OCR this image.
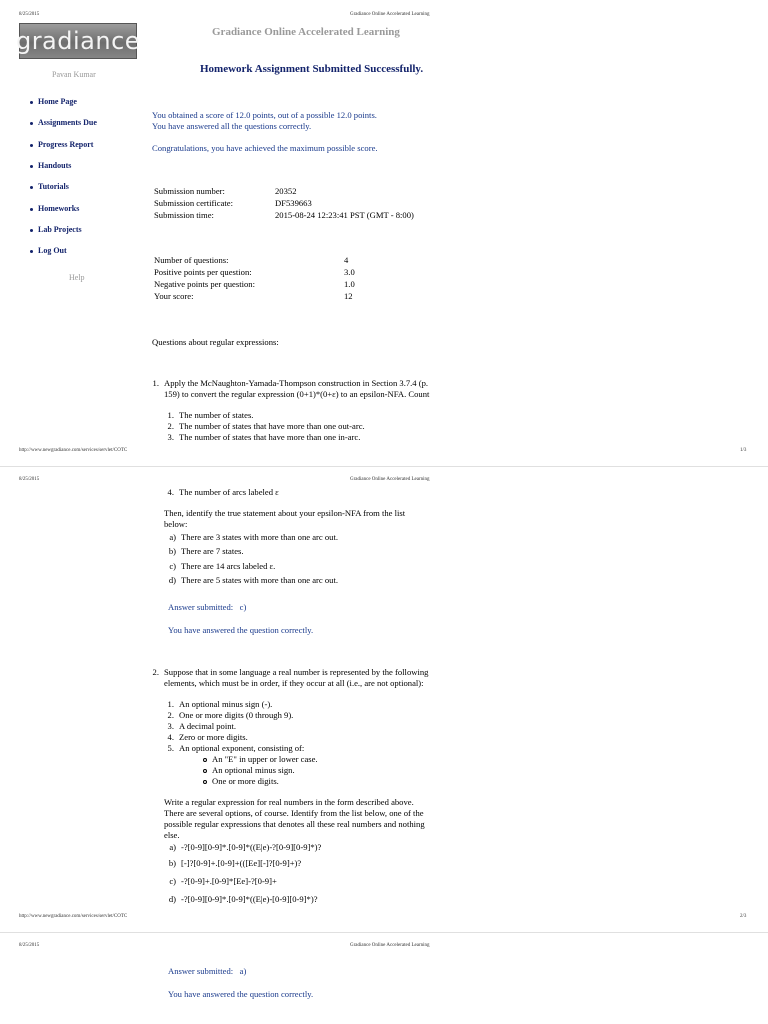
8/25/2015	Gradiance Online Accelerated Learning
gradiance	Gradiance Online Accelerated Learning
Pavan Kumar	Homework Assignment Submitted Successfully.
Home Page
Assignments Due
Progress Report
Handouts
Tutorials
Homeworks
Lab Projects
Log Out
Help
You obtained a score of 12.0 points, out of a possible 12.0 points.
You have answered all the questions correctly.
Congratulations, you have achieved the maximum possible score.
Submission number:	20352
Submission certificate:	DF539663
Submission time:	2015-08-24 12:23:41 PST (GMT - 8:00)
Number of questions:	4
Positive points per question:	3.0
Negative points per question:	1.0
Your score:	12
Questions about regular expressions:
1. Apply the McNaughton-Yamada-Thompson construction in Section 3.7.4 (p.
159) to convert the regular expression (0+1)*(0+ε) to an epsilon-NFA. Count
1. The number of states.
2. The number of states that have more than one out-arc.
3. The number of states that have more than one in-arc.
http://www.newgradiance.com/services/servlet/COTC	1/3
8/25/2015	Gradiance Online Accelerated Learning
4. The number of arcs labeled ε
Then, identify the true statement about your epsilon-NFA from the list
below:
a) There are 3 states with more than one arc out.
b) There are 7 states.
c) There are 14 arcs labeled ε.
d) There are 5 states with more than one arc out.
Answer submitted: c)
You have answered the question correctly.
2. Suppose that in some language a real number is represented by the following
elements, which must be in order, if they occur at all (i.e., are not optional):
1. An optional minus sign (-).
2. One or more digits (0 through 9).
3. A decimal point.
4. Zero or more digits.
5. An optional exponent, consisting of:
An "E" in upper or lower case.
An optional minus sign.
One or more digits.
Write a regular expression for real numbers in the form described above.
There are several options, of course. Identify from the list below, one of the
possible regular expressions that denotes all these real numbers and nothing
else.
a) -?[0-9][0-9]*.[0-9]*((E|e)-?[0-9][0-9]*)?
b) [-]?[0-9]+.[0-9]+(([Ee][-]?[0-9]+)?
c) -?[0-9]+.[0-9]*[Ee]-?[0-9]+
d) -?[0-9][0-9]*.[0-9]*((E|e)-[0-9][0-9]*)?
http://www.newgradiance.com/services/servlet/COTC	2/3
8/25/2015	Gradiance Online Accelerated Learning
Answer submitted: a)
You have answered the question correctly.
